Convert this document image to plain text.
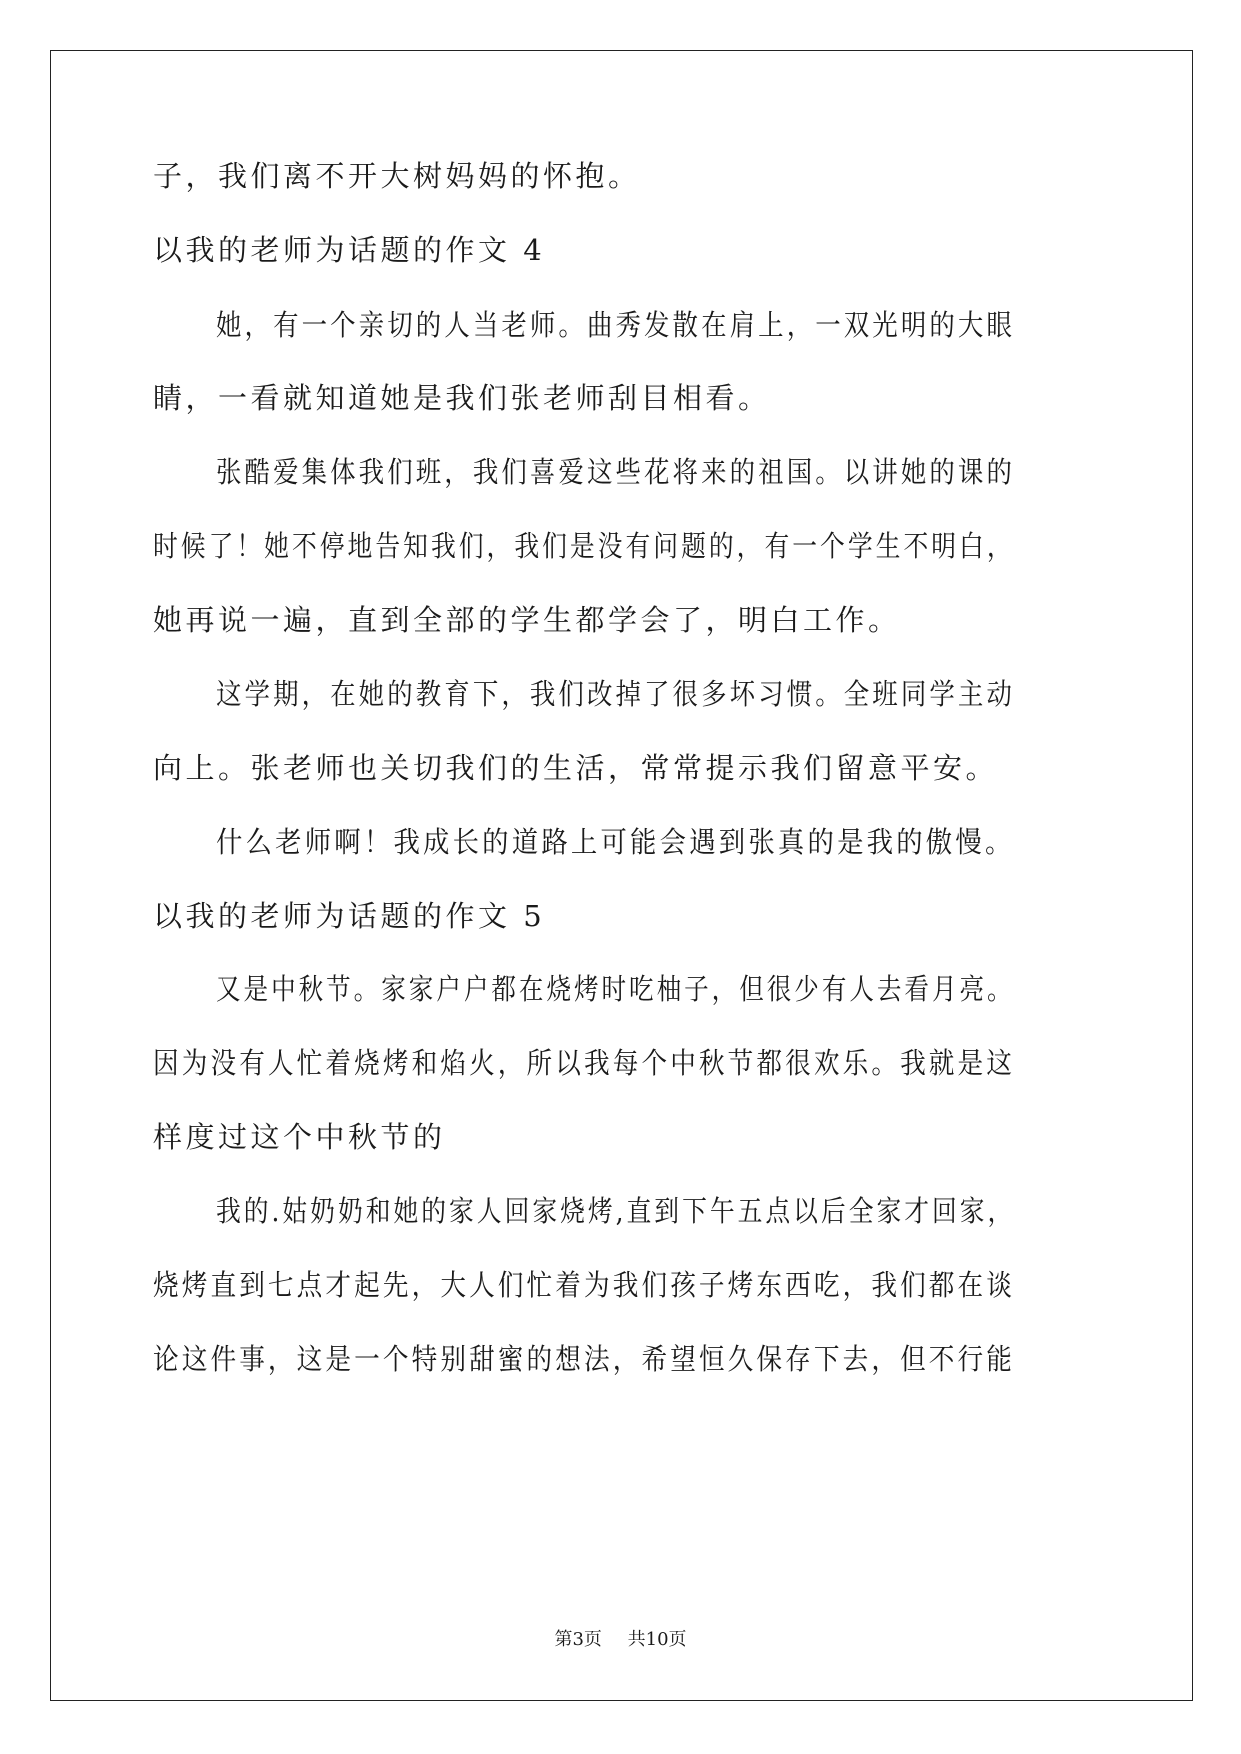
子，我们离不开大树妈妈的怀抱。
以我的老师为话题的作文 4
她，有一个亲切的人当老师。曲秀发散在肩上，一双光明的大眼
睛，一看就知道她是我们张老师刮目相看。
张酷爱集体我们班，我们喜爱这些花将来的祖国。以讲她的课的
时候了！她不停地告知我们，我们是没有问题的，有一个学生不明白，
她再说一遍，直到全部的学生都学会了，明白工作。
这学期，在她的教育下，我们改掉了很多坏习惯。全班同学主动
向上。张老师也关切我们的生活，常常提示我们留意平安。
什么老师啊！我成长的道路上可能会遇到张真的是我的傲慢。
以我的老师为话题的作文 5
又是中秋节。家家户户都在烧烤时吃柚子，但很少有人去看月亮。
因为没有人忙着烧烤和焰火，所以我每个中秋节都很欢乐。我就是这
样度过这个中秋节的
我的.姑奶奶和她的家人回家烧烤,直到下午五点以后全家才回家，
烧烤直到七点才起先，大人们忙着为我们孩子烤东西吃，我们都在谈
论这件事，这是一个特别甜蜜的想法，希望恒久保存下去，但不行能
第3页 共10页
